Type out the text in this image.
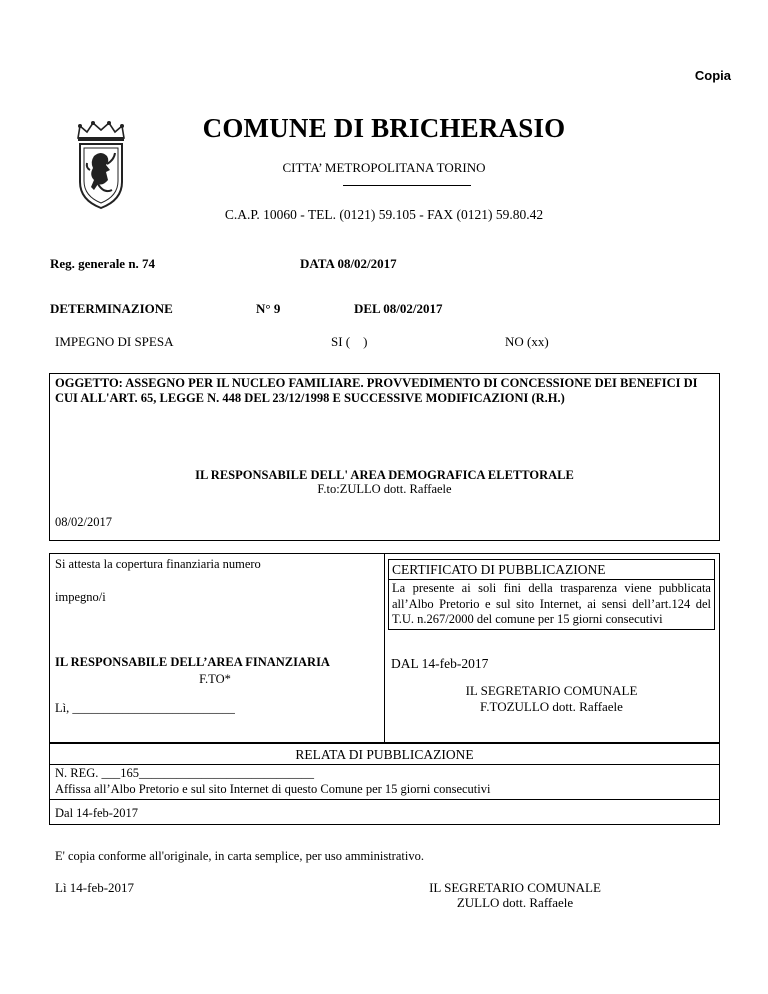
Copia
COMUNE DI BRICHERASIO
CITTA’ METROPOLITANA TORINO
C.A.P. 10060 - TEL. (0121) 59.105 - FAX (0121) 59.80.42
Reg. generale n. 74	DATA 08/02/2017
DETERMINAZIONE	N° 9	DEL 08/02/2017
IMPEGNO DI SPESA	SI (    )	NO (xx)
OGGETTO: ASSEGNO PER IL NUCLEO FAMILIARE. PROVVEDIMENTO DI CONCESSIONE DEI BENEFICI DI CUI ALL'ART. 65, LEGGE N. 448 DEL 23/12/1998 E SUCCESSIVE MODIFICAZIONI (R.H.)
IL RESPONSABILE DELL' AREA DEMOGRAFICA ELETTORALE
F.to:ZULLO dott. Raffaele
08/02/2017
Si attesta la copertura finanziaria numero
impegno/i
IL RESPONSABILE DELL’AREA FINANZIARIA
F.TO*
Lì, __________________________
CERTIFICATO DI PUBBLICAZIONE
La presente ai soli fini della trasparenza viene pubblicata all’Albo Pretorio e sul sito Internet, ai sensi dell’art.124 del T.U. n.267/2000 del comune per 15 giorni consecutivi
DAL 14-feb-2017
IL SEGRETARIO COMUNALE
F.TOZULLO dott. Raffaele
RELATA DI PUBBLICAZIONE
N. REG. ___165____________________________
Affissa all’Albo Pretorio e sul sito Internet di questo Comune per 15 giorni consecutivi
Dal 14-feb-2017
E' copia conforme all'originale, in carta semplice, per uso amministrativo.
Lì 14-feb-2017	IL SEGRETARIO COMUNALE
ZULLO dott. Raffaele
